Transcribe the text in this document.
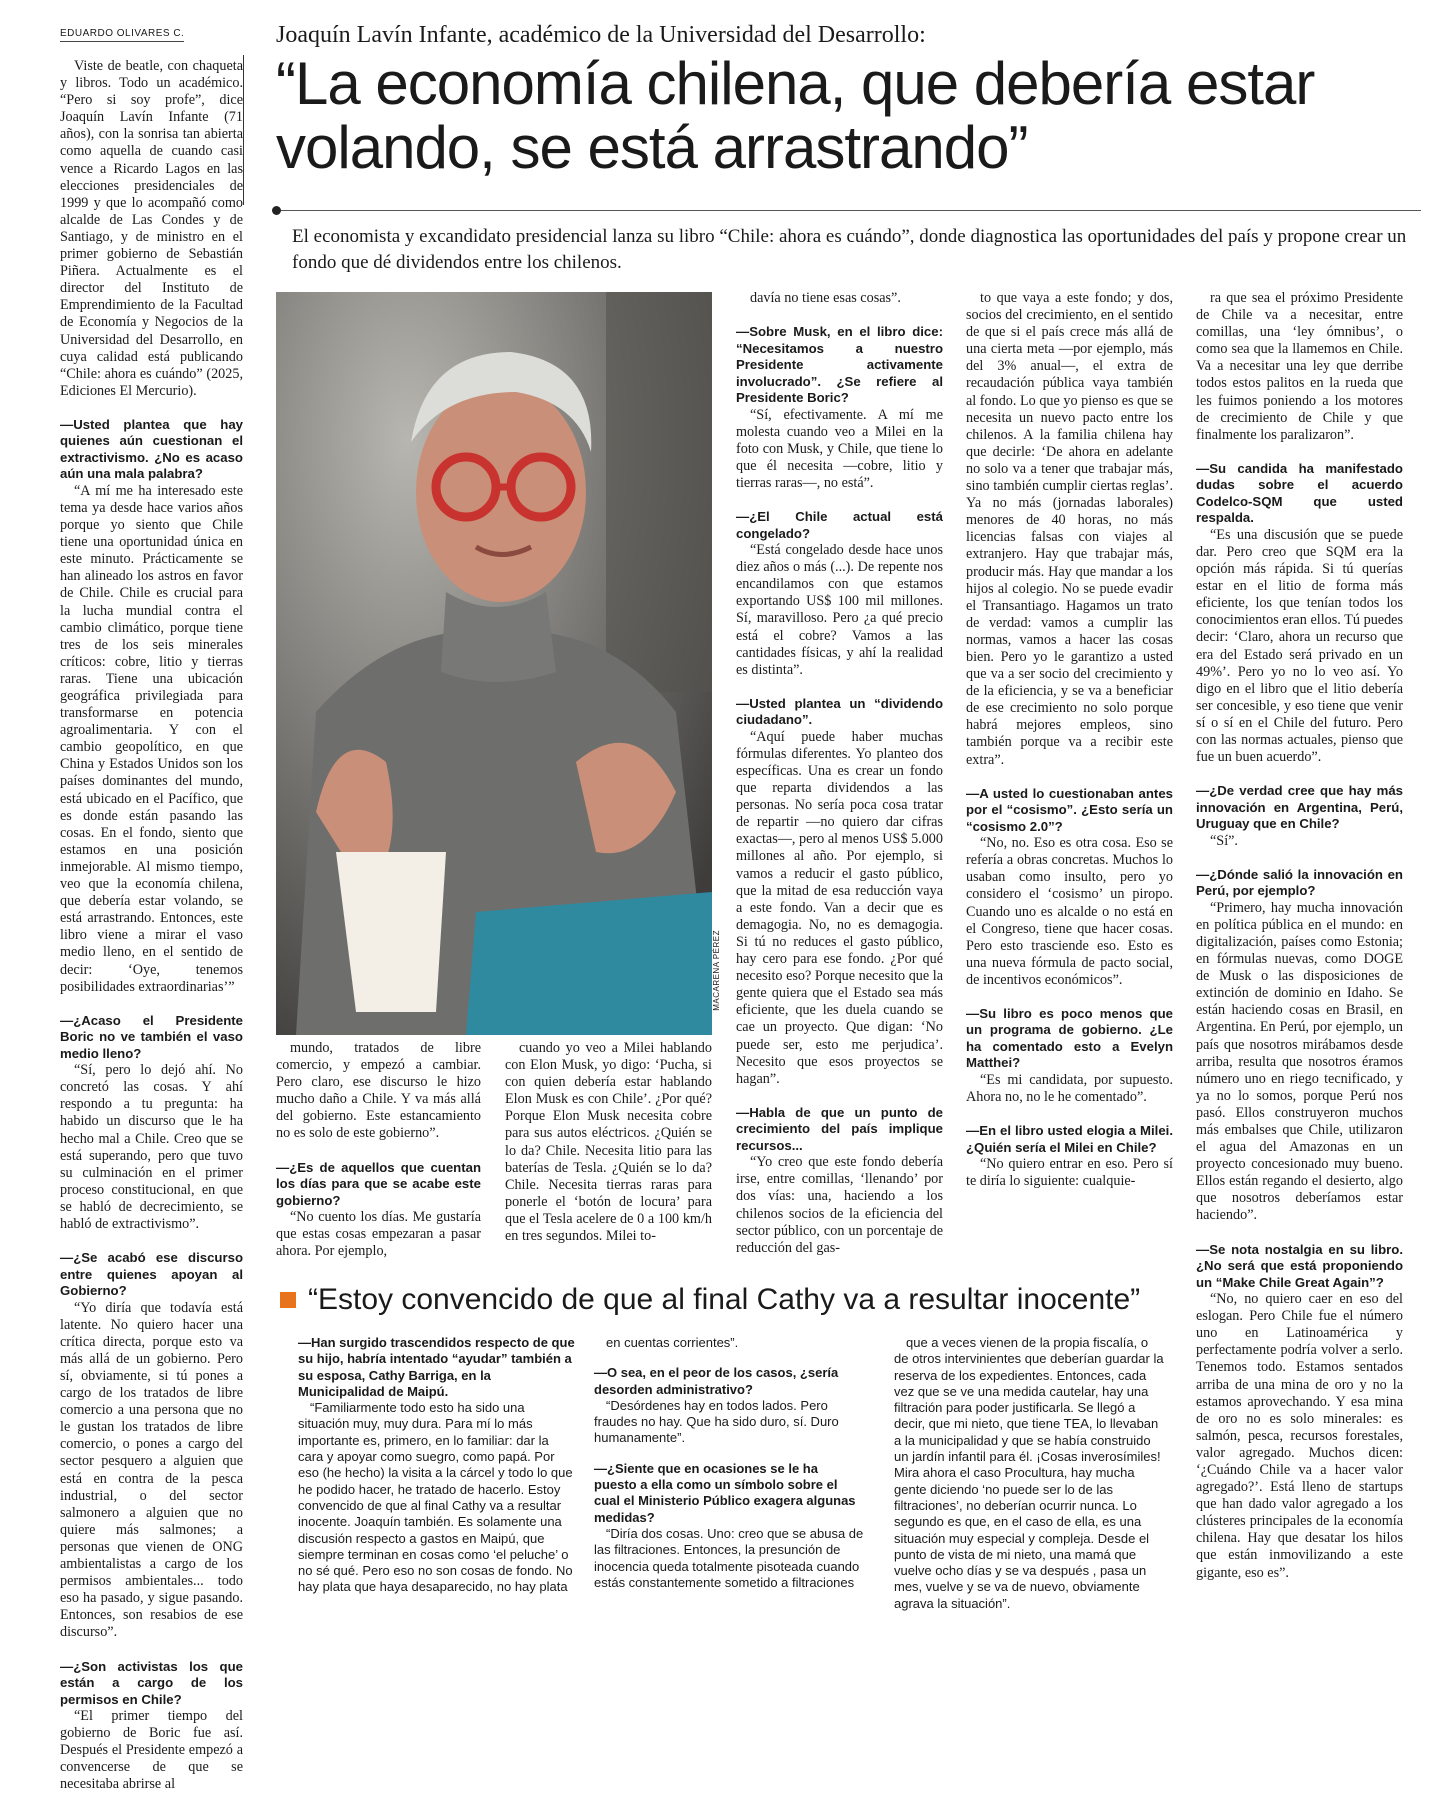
EDUARDO OLIVARES C.	Joaquín Lavín Infante, académico de la Universidad del Desarrollo:
“La economía chilena, que debería estar volando, se está arrastrando”
El economista y excandidato presidencial lanza su libro “Chile: ahora es cuándo”, donde diagnostica las oportunidades del país y propone crear un fondo que dé dividendos entre los chilenos.
MACARENA PÉREZ

Viste de beatle, con chaqueta y libros. Todo un académico. “Pero si soy profe”, dice Joaquín Lavín Infante (71 años), con la sonrisa tan abierta como aquella de cuando casi vence a Ricardo Lagos en las elecciones presidenciales de 1999 y que lo acompañó como alcalde de Las Condes y de Santiago, y de ministro en el primer gobierno de Sebastián Piñera. Actualmente es el director del Instituto de Emprendimiento de la Facultad de Economía y Negocios de la Universidad del Desarrollo, en cuya calidad está publicando “Chile: ahora es cuándo” (2025, Ediciones El Mercurio).

—Usted plantea que hay quienes aún cuestionan el extractivismo. ¿No es acaso aún una mala palabra?

“A mí me ha interesado este tema ya desde hace varios años porque yo siento que Chile tiene una oportunidad única en este minuto. Prácticamente se han alineado los astros en favor de Chile. Chile es crucial para la lucha mundial contra el cambio climático, porque tiene tres de los seis minerales críticos: cobre, litio y tierras raras. Tiene una ubicación geográfica privilegiada para transformarse en potencia agroalimentaria. Y con el cambio geopolítico, en que China y Estados Unidos son los países dominantes del mundo, está ubicado en el Pacífico, que es donde están pasando las cosas. En el fondo, siento que estamos en una posición inmejorable. Al mismo tiempo, veo que la economía chilena, que debería estar volando, se está arrastrando. Entonces, este libro viene a mirar el vaso medio lleno, en el sentido de decir: ‘Oye, tenemos posibilidades extraordinarias’”

—¿Acaso el Presidente Boric no ve también el vaso medio lleno?

“Sí, pero lo dejó ahí. No concretó las cosas. Y ahí respondo a tu pregunta: ha habido un discurso que le ha hecho mal a Chile. Creo que se está superando, pero que tuvo su culminación en el primer proceso constitucional, en que se habló de decrecimiento, se habló de extractivismo”.

—¿Se acabó ese discurso entre quienes apoyan al Gobierno?

“Yo diría que todavía está latente. No quiero hacer una crítica directa, porque esto va más allá de un gobierno. Pero sí, obviamente, si tú pones a cargo de los tratados de libre comercio a una persona que no le gustan los tratados de libre comercio, o pones a cargo del sector pesquero a alguien que está en contra de la pesca industrial, o del sector salmonero a alguien que no quiere más salmones; a personas que vienen de ONG ambientalistas a cargo de los permisos ambientales... todo eso ha pasado, y sigue pasando. Entonces, son resabios de ese discurso”.

—¿Son activistas los que están a cargo de los permisos en Chile?

“El primer tiempo del gobierno de Boric fue así. Después el Presidente empezó a convencerse de que se necesitaba abrirse al

mundo, tratados de libre comercio, y empezó a cambiar. Pero claro, ese discurso le hizo mucho daño a Chile. Y va más allá del gobierno. Este estancamiento no es solo de este gobierno”.

—¿Es de aquellos que cuentan los días para que se acabe este gobierno?

“No cuento los días. Me gustaría que estas cosas empezaran a pasar ahora. Por ejemplo,

cuando yo veo a Milei hablando con Elon Musk, yo digo: ‘Pucha, si con quien debería estar hablando Elon Musk es con Chile’. ¿Por qué? Porque Elon Musk necesita cobre para sus autos eléctricos. ¿Quién se lo da? Chile. Necesita litio para las baterías de Tesla. ¿Quién se lo da? Chile. Necesita tierras raras para ponerle el ‘botón de locura’ para que el Tesla acelere de 0 a 100 km/h en tres segundos. Milei to-

davía no tiene esas cosas”.

—Sobre Musk, en el libro dice: “Necesitamos a nuestro Presidente activamente involucrado”. ¿Se refiere al Presidente Boric?

“Sí, efectivamente. A mí me molesta cuando veo a Milei en la foto con Musk, y Chile, que tiene lo que él necesita —cobre, litio y tierras raras—, no está”.

—¿El Chile actual está congelado?

“Está congelado desde hace unos diez años o más (...). De repente nos encandilamos con que estamos exportando US$ 100 mil millones. Sí, maravilloso. Pero ¿a qué precio está el cobre? Vamos a las cantidades físicas, y ahí la realidad es distinta”.

—Usted plantea un “dividendo ciudadano”.

“Aquí puede haber muchas fórmulas diferentes. Yo planteo dos específicas. Una es crear un fondo que reparta dividendos a las personas. No sería poca cosa tratar de repartir —no quiero dar cifras exactas—, pero al menos US$ 5.000 millones al año. Por ejemplo, si vamos a reducir el gasto público, que la mitad de esa reducción vaya a este fondo. Van a decir que es demagogia. No, no es demagogia. Si tú no reduces el gasto público, hay cero para ese fondo. ¿Por qué necesito eso? Porque necesito que la gente quiera que el Estado sea más eficiente, que les duela cuando se cae un proyecto. Que digan: ‘No puede ser, esto me perjudica’. Necesito que esos proyectos se hagan”.

—Habla de que un punto de crecimiento del país implique recursos...

“Yo creo que este fondo debería irse, entre comillas, ‘llenando’ por dos vías: una, haciendo a los chilenos socios de la eficiencia del sector público, con un porcentaje de reducción del gas-

to que vaya a este fondo; y dos, socios del crecimiento, en el sentido de que si el país crece más allá de una cierta meta —por ejemplo, más del 3% anual—, el extra de recaudación pública vaya también al fondo. Lo que yo pienso es que se necesita un nuevo pacto entre los chilenos. A la familia chilena hay que decirle: ‘De ahora en adelante no solo va a tener que trabajar más, sino también cumplir ciertas reglas’. Ya no más (jornadas laborales) menores de 40 horas, no más licencias falsas con viajes al extranjero. Hay que trabajar más, producir más. Hay que mandar a los hijos al colegio. No se puede evadir el Transantiago. Hagamos un trato de verdad: vamos a cumplir las normas, vamos a hacer las cosas bien. Pero yo le garantizo a usted que va a ser socio del crecimiento y de la eficiencia, y se va a beneficiar de ese crecimiento no solo porque habrá mejores empleos, sino también porque va a recibir este extra”.

—A usted lo cuestionaban antes por el “cosismo”. ¿Esto sería un “cosismo 2.0”?

“No, no. Eso es otra cosa. Eso se refería a obras concretas. Muchos lo usaban como insulto, pero yo considero el ‘cosismo’ un piropo. Cuando uno es alcalde o no está en el Congreso, tiene que hacer cosas. Pero esto trasciende eso. Esto es una nueva fórmula de pacto social, de incentivos económicos”.

—Su libro es poco menos que un programa de gobierno. ¿Le ha comentado esto a Evelyn Matthei?

“Es mi candidata, por supuesto. Ahora no, no le he comentado”.

—En el libro usted elogia a Milei. ¿Quién sería el Milei en Chile?

“No quiero entrar en eso. Pero sí te diría lo siguiente: cualquie-

ra que sea el próximo Presidente de Chile va a necesitar, entre comillas, una ‘ley ómnibus’, o como sea que la llamemos en Chile. Va a necesitar una ley que derribe todos estos palitos en la rueda que les fuimos poniendo a los motores de crecimiento de Chile y que finalmente los paralizaron”.

—Su candida ha manifestado dudas sobre el acuerdo Codelco-SQM que usted respalda.

“Es una discusión que se puede dar. Pero creo que SQM era la opción más rápida. Si tú querías estar en el litio de forma más eficiente, los que tenían todos los conocimientos eran ellos. Tú puedes decir: ‘Claro, ahora un recurso que era del Estado será privado en un 49%’. Pero yo no lo veo así. Yo digo en el libro que el litio debería ser concesible, y eso tiene que venir sí o sí en el Chile del futuro. Pero con las normas actuales, pienso que fue un buen acuerdo”.

—¿De verdad cree que hay más innovación en Argentina, Perú, Uruguay que en Chile?

“Sí”.

—¿Dónde salió la innovación en Perú, por ejemplo?

“Primero, hay mucha innovación en política pública en el mundo: en digitalización, países como Estonia; en fórmulas nuevas, como DOGE de Musk o las disposiciones de extinción de dominio en Idaho. Se están haciendo cosas en Brasil, en Argentina. En Perú, por ejemplo, un país que nosotros mirábamos desde arriba, resulta que nosotros éramos número uno en riego tecnificado, y ya no lo somos, porque Perú nos pasó. Ellos construyeron muchos más embalses que Chile, utilizaron el agua del Amazonas en un proyecto concesionado muy bueno. Ellos están regando el desierto, algo que nosotros deberíamos estar haciendo”.

—Se nota nostalgia en su libro. ¿No será que está proponiendo un “Make Chile Great Again”?

“No, no quiero caer en eso del eslogan. Pero Chile fue el número uno en Latinoamérica y perfectamente podría volver a serlo. Tenemos todo. Estamos sentados arriba de una mina de oro y no la estamos aprovechando. Y esa mina de oro no es solo minerales: es salmón, pesca, recursos forestales, valor agregado. Muchos dicen: ‘¿Cuándo Chile va a hacer valor agregado?’. Está lleno de startups que han dado valor agregado a los clústeres principales de la economía chilena. Hay que desatar los hilos que están inmovilizando a este gigante, eso es”.

“Estoy convencido de que al final Cathy va a resultar inocente”

—Han surgido trascendidos respecto de que su hijo, habría intentado “ayudar” también a su esposa, Cathy Barriga, en la Municipalidad de Maipú.

“Familiarmente todo esto ha sido una situación muy, muy dura. Para mí lo más importante es, primero, en lo familiar: dar la cara y apoyar como suegro, como papá. Por eso (he hecho) la visita a la cárcel y todo lo que he podido hacer, he tratado de hacerlo. Estoy convencido de que al final Cathy va a resultar inocente. Joaquín también. Es solamente una discusión respecto a gastos en Maipú, que siempre terminan en cosas como ‘el peluche’ o no sé qué. Pero eso no son cosas de fondo. No hay plata que haya desaparecido, no hay plata

en cuentas corrientes”.

—O sea, en el peor de los casos, ¿sería desorden administrativo?

“Desórdenes hay en todos lados. Pero fraudes no hay. Que ha sido duro, sí. Duro humanamente”.

—¿Siente que en ocasiones se le ha puesto a ella como un símbolo sobre el cual el Ministerio Público exagera algunas medidas?

“Diría dos cosas. Uno: creo que se abusa de las filtraciones. Entonces, la presunción de inocencia queda totalmente pisoteada cuando estás constantemente sometido a filtraciones

que a veces vienen de la propia fiscalía, o de otros intervinientes que deberían guardar la reserva de los expedientes. Entonces, cada vez que se ve una medida cautelar, hay una filtración para poder justificarla. Se llegó a decir, que mi nieto, que tiene TEA, lo llevaban a la municipalidad y que se había construido un jardín infantil para él. ¡Cosas inverosímiles! Mira ahora el caso Procultura, hay mucha gente diciendo ‘no puede ser lo de las filtraciones’, no deberían ocurrir nunca. Lo segundo es que, en el caso de ella, es una situación muy especial y compleja. Desde el punto de vista de mi nieto, una mamá que vuelve ocho días y se va después , pasa un mes, vuelve y se va de nuevo, obviamente agrava la situación”.
